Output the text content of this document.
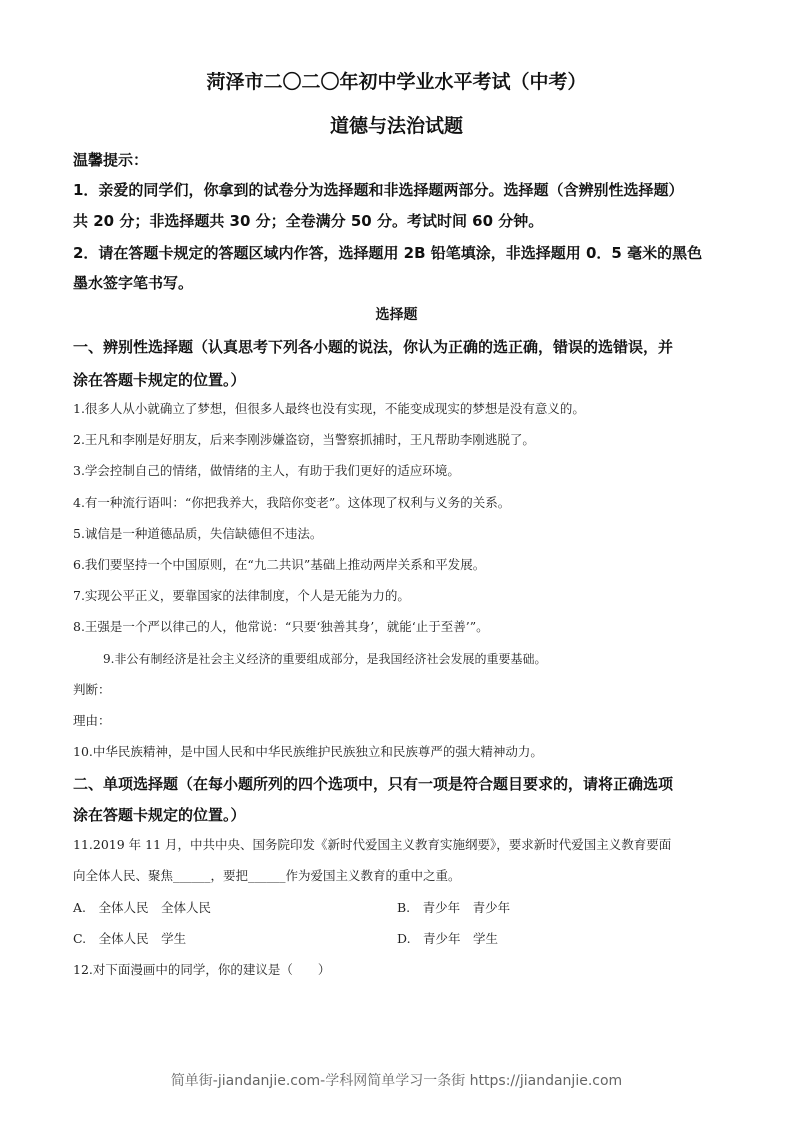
菏泽市二〇二〇年初中学业水平考试（中考）
道德与法治试题
温馨提示：
1．亲爱的同学们，你拿到的试卷分为选择题和非选择题两部分。选择题（含辨别性选择题）
共 20 分；非选择题共 30 分；全卷满分 50 分。考试时间 60 分钟。
2．请在答题卡规定的答题区域内作答，选择题用 2B 铅笔填涂，非选择题用 0．5 毫米的黑色
墨水签字笔书写。
选择题
一、辨别性选择题（认真思考下列各小题的说法，你认为正确的选正确，错误的选错误，并
涂在答题卡规定的位置。）
1.很多人从小就确立了梦想，但很多人最终也没有实现，不能变成现实的梦想是没有意义的。
2.王凡和李刚是好朋友，后来李刚涉嫌盗窃，当警察抓捕时，王凡帮助李刚逃脱了。
3.学会控制自己的情绪，做情绪的主人，有助于我们更好的适应环境。
4.有一种流行语叫：“你把我养大，我陪你变老”。这体现了权利与义务的关系。
5.诚信是一种道德品质，失信缺德但不违法。
6.我们要坚持一个中国原则，在“九二共识”基础上推动两岸关系和平发展。
7.实现公平正义，要靠国家的法律制度，个人是无能为力的。
8.王强是一个严以律己的人，他常说：“只要‘独善其身’，就能‘止于至善’”。
9.非公有制经济是社会主义经济的重要组成部分，是我国经济社会发展的重要基础。
判断：
理由：
10.中华民族精神，是中国人民和中华民族维护民族独立和民族尊严的强大精神动力。
二、单项选择题（在每小题所列的四个选项中，只有一项是符合题目要求的，请将正确选项
涂在答题卡规定的位置。）
11.2019 年 11 月，中共中央、国务院印发《新时代爱国主义教育实施纲要》，要求新时代爱国主义教育要面
向全体人民、聚焦______，要把______作为爱国主义教育的重中之重。
A.　全体人民　全体人民	B.　青少年　青少年
C.　全体人民　学生	D.　青少年　学生
12.对下面漫画中的同学，你的建议是（　　）
简单街-jiandanjie.com-学科网简单学习一条街 https://jiandanjie.com
